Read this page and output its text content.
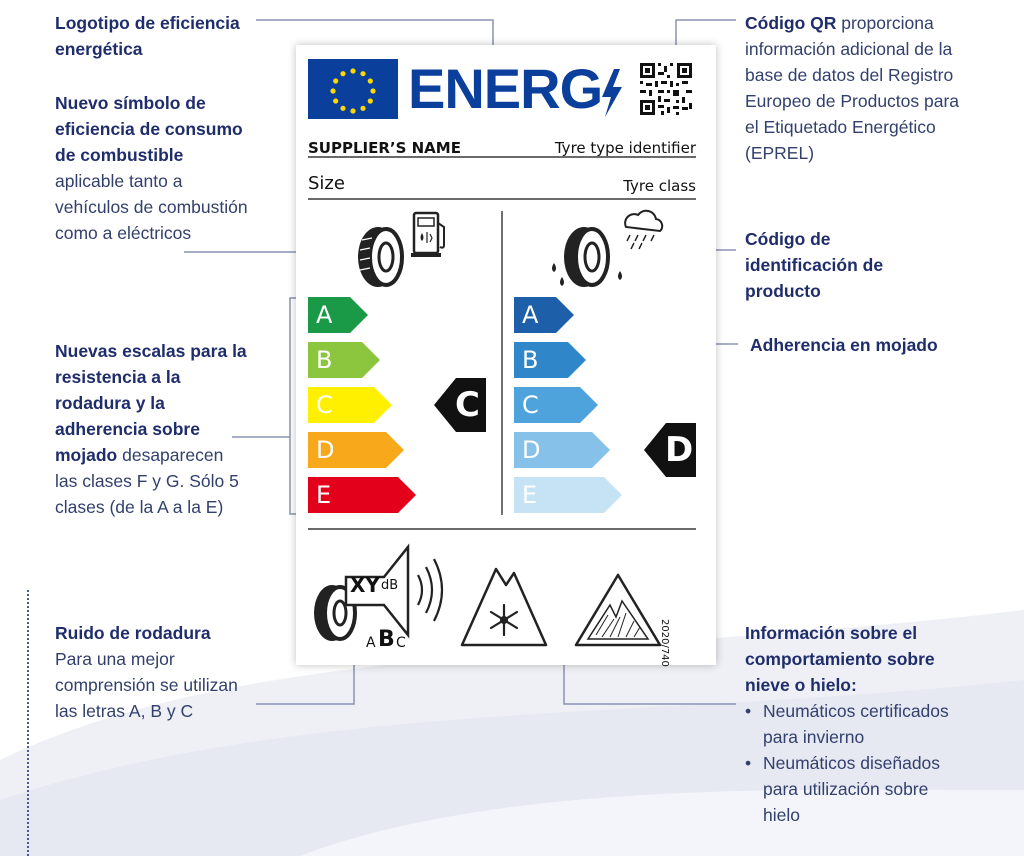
Logotipo de eficiencia energética
Nuevo símbolo de eficiencia de consumo de combustible aplicable tanto a vehículos de combustión como a eléctricos
Nuevas escalas para la resistencia a la rodadura y la adherencia sobre mojado desaparecen las clases F y G. Sólo 5 clases (de la A a la E)
Ruido de rodadura
Para una mejor comprensión se utilizan las letras A, B y C
Código QR proporciona información adicional de la base de datos del Registro Europeo de Productos para el Etiquetado Energético (EPREL)
Código de identificación de producto
Adherencia en mojado
Información sobre el comportamiento sobre nieve o hielo:
• Neumáticos certificados para invierno
• Neumáticos diseñados para utilización sobre hielo
ENERG
SUPPLIER’S NAME	Tyre type identifier
Size	Tyre class
A
B
C
D
E
C
A
B
C
D
E
D
XY dB
A B C	2020/740
